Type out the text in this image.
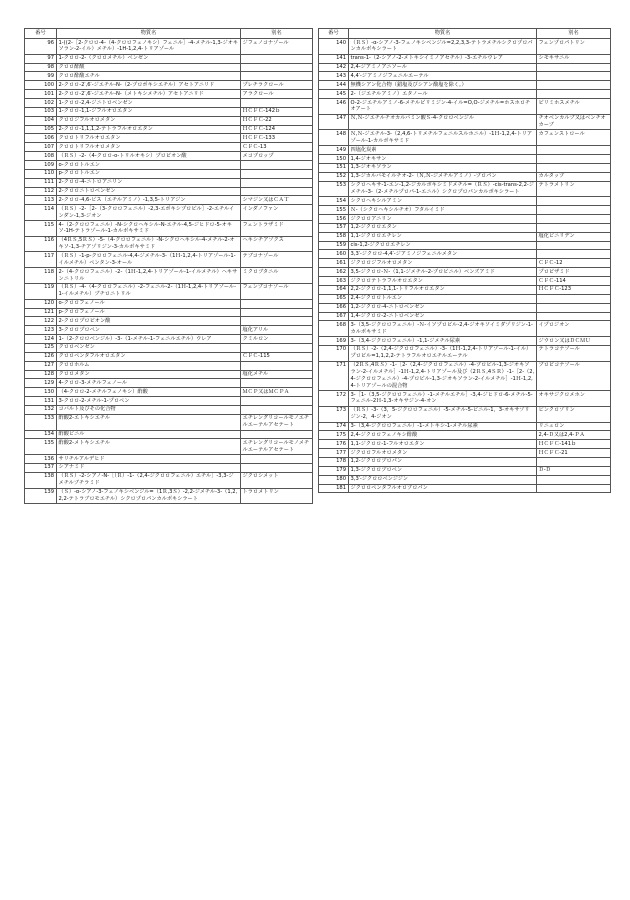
番号	物質名	別名
96	1-((2-［2-クロロ-4-（4-クロロフェノキシ）フェニル］-4-メチル-1,3-ジオキソラン-2-イル）メチル）-1H-1,2,4-トリアゾール	ジフェノコナゾール
97	1-クロロ-2-（クロロメチル）ベンゼン	
98	クロロ酢酸	
99	クロロ酢酸エチル	
100	2-クロロ-2′,6′-ジエチル-N-（2-プロポキシエチル）アセトアニリド	プレチラクロール
101	2-クロロ-2′,6′-ジエチル-N-（メトキシメチル）アセトアニリド	アラクロール
102	1-クロロ-2,4-ジニトロベンゼン	
103	1-クロロ-1,1-ジフルオロエタン	ＨＣＦＣ-142ｂ
104	クロロジフルオロメタン	ＨＣＦＣ-22
105	2-クロロ-1,1,1,2-テトラフルオロエタン	ＨＣＦＣ-124
106	クロロトリフルオロエタン	ＨＣＦＣ-133
107	クロロトリフルオロメタン	ＣＦＣ-13
108	（ＲＳ）-2-（4-クロロ-o-トリルオキシ）プロピオン酸	メコプロップ
109	o-クロロトルエン	
110	p-クロロトルエン	
111	2-クロロ-4-ニトロアニリン	
112	2-クロロニトロベンゼン	
113	2-クロロ-4,6-ビス（エチルアミノ）-1,3,5-トリアジン	シマジン又はＣＡＴ
114	（ＲＳ）-2-［2-（3-クロロフェニル）-2,3-エポキシプロピル］-2-エチルインダン-1,3-ジオン	インダノファン
115	4-（2-クロロフェニル）-N-シクロヘキシル-N-エチル-4,5-ジヒドロ-5-オキソ-1H-テトラゾール-1-カルボキサミド	フェントラザミド
116	（4ＲＳ,5ＲＳ）-5-（4-クロロフェニル）-N-シクロヘキシル-4-メチル-2-オキソ-1,3-チアゾリジン-3-カルボキサミド	ヘキシチアゾクス
117	（ＲＳ）-1-p-クロロフェニル-4,4-ジメチル-3-（1Ｈ-1,2,4-トリアゾール-1-イルメチル）ペンタン-3-オール	テブコナゾール
118	2-（4-クロロフェニル）-2-（1Ｈ-1,2,4-トリアゾール-1-イルメチル）ヘキサンニトリル	ミクロブタニル
119	（ＲＳ）-4-（4-クロロフェニル）-2-フェニル-2-（1Ｈ-1,2,4-トリアゾール-1-イルメチル）ブチロニトリル	フェンブコナゾール
120	o-クロロフェノール	
121	p-クロロフェノール	
122	2-クロロプロピオン酸	
123	3-クロロプロペン	塩化アリル
124	1-（2-クロロベンジル）-3-（1-メチル-1-フェニルエチル）ウレア	クミルロン
125	クロロベンゼン	
126	クロロペンタフルオロエタン	ＣＦＣ-115
127	クロロホルム	
128	クロロメタン	塩化メチル
129	4-クロロ-3-メチルフェノール	
130	（4-クロロ-2-メチルフェノキシ）酢酸	ＭＣＰ又はＭＣＰＡ
131	3-クロロ-2-メチル-1-プロペン	
132	コバルト及びその化合物	
133	酢酸2-エトキシエチル	エチレングリコールモノエチルエーテルアセテート
134	酢酸ビニル	
135	酢酸2-メトキシエチル	エチレングリコールモノメチルエーテルアセテート
136	サリチルアルデヒド	
137	シアナミド	
138	（ＲＳ）-2-シアノ-N-［（Ｒ）-1-（2,4-ジクロロフェニル）エチル］-3,3-ジメチルブチラミド	ジクロシメット
139	（Ｓ）-α-シアノ-3-フェノキシベンジル=（1Ｒ,3Ｓ）-2,2-ジメチル-3-（1,2,2,2-テトラブロモエチル）シクロプロパンカルボキシラート	トラロメトリン
番号	物質名	別名
140	（ＲＳ）-α-シアノ-3-フェノキシベンジル=2,2,3,3-テトラメチルシクロプロパンカルボキシラート	フェンプロパトリン
141	trans-1-（2-シアノ-2-メトキシイミノアセチル）-3-エチルウレア	シモキサニル
142	2,4-ジアミノアニソール	
143	4,4′-ジアミノジフェニルエーテル	
144	無機シアン化合物（錯塩及びシアン酸塩を除く。）	
145	2-（ジエチルアミノ）エタノール	
146	O-2-ジエチルアミノ-6-メチルピリミジン-4-イル=O,O-ジメチル=ホスホロチオアート	ピリミホスメチル
147	Ｎ,Ｎ-ジエチルチオカルバミン酸Ｓ-4-クロロベンジル	チオベンカルブ又はベンチオカーブ
148	Ｎ,Ｎ-ジエチル-3-（2,4,6-トリメチルフェニルスルホニル）-1Ｈ-1,2,4-トリアゾール-1-カルボキサミド	カフェンストロール
149	四塩化炭素	
150	1,4-ジオキサン	
151	1,3-ジオキソラン	
152	1,3-ジカルバモイルチオ-2-（Ｎ,Ｎ-ジメチルアミノ）-プロパン	カルタップ
153	シクロヘキサ-1-エン-1,2-ジカルボキシミドメチル=（ＲＳ）-cis-trans-2,2-ジメチル-3-（2-メチルプロパ-1-エニル）シクロプロパンカルボキシラート	テトラメトリン
154	シクロヘキシルアミン	
155	Ｎ-（シクロヘキシルチオ）フタルイミド	
156	ジクロロアニリン	
157	1,2-ジクロロエタン	
158	1,1-ジクロロエチレン	塩化ビニリデン
159	cis-1,2-ジクロロエチレン	
160	3,3′-ジクロロ-4,4′-ジアミノジフェニルメタン	
161	ジクロロジフルオロメタン	ＣＦＣ-12
162	3,5-ジクロロ-Ｎ-（1,1-ジメチル-2-プロピニル）ベンズアミド	プロピザミド
163	ジクロロテトラフルオロエタン	ＣＦＣ-114
164	2,2-ジクロロ-1,1,1-トリフルオロエタン	ＨＣＦＣ-123
165	2,4-ジクロロトルエン	
166	1,2-ジクロロ-4-ニトロベンゼン	
167	1,4-ジクロロ-2-ニトロベンゼン	
168	3-（3,5-ジクロロフェニル）-Ｎ-イソプロピル-2,4-ジオキソイミダゾリジン-1-カルボキサミド	イプロジオン
169	3-（3,4-ジクロロフェニル）-1,1-ジメチル尿素	ジウロン又はＤＣＭＵ
170	（ＲＳ）-2-（2,4-ジクロロフェニル）-3-（1Ｈ-1,2,4-トリアゾール-1-イル）プロピル=1,1,2,2-テトラフルオロエチルエーテル	テトラコナゾール
171	（2ＲＳ,4ＲＳ）-1-［2-（2,4-ジクロロフェニル）-4-プロピル-1,3-ジオキソラン-2-イルメチル］-1Ｈ-1,2,4-トリアゾール及び（2ＲＳ,4ＳＲ）-1-［2-（2,4-ジクロロフェニル）-4-プロピル-1,3-ジオキソラン-2-イルメチル］-1Ｈ-1,2,4-トリアゾールの混合物	プロピコナゾール
172	3-［1-（3,5-ジクロロフェニル）-1-メチルエチル］-3,4-ジヒドロ-6-メチル-5-フェニル-2Ｈ-1,3-オキサジン-4-オン	オキサジクロメホン
173	（ＲＳ）-3-（3，5-ジクロロフェニル）-5-メチル-5-ビニル-1，3-オキサゾリジン-2，4-ジオン	ビンクロゾリン
174	3-（3,4-ジクロロフェニル）-1-メトキシ-1-メチル尿素	リニュロン
175	2,4-ジクロロフェノキシ酢酸	2,4-Ｄ又は2,4-ＰＡ
176	1,1-ジクロロ-1-フルオロエタン	ＨＣＦＣ-141ｂ
177	ジクロロフルオロメタン	ＨＣＦＣ-21
178	1,2-ジクロロプロパン	
179	1,3-ジクロロプロペン	Ｄ-Ｄ
180	3,3′-ジクロロベンジジン	
181	ジクロロペンタフルオロプロパン	
